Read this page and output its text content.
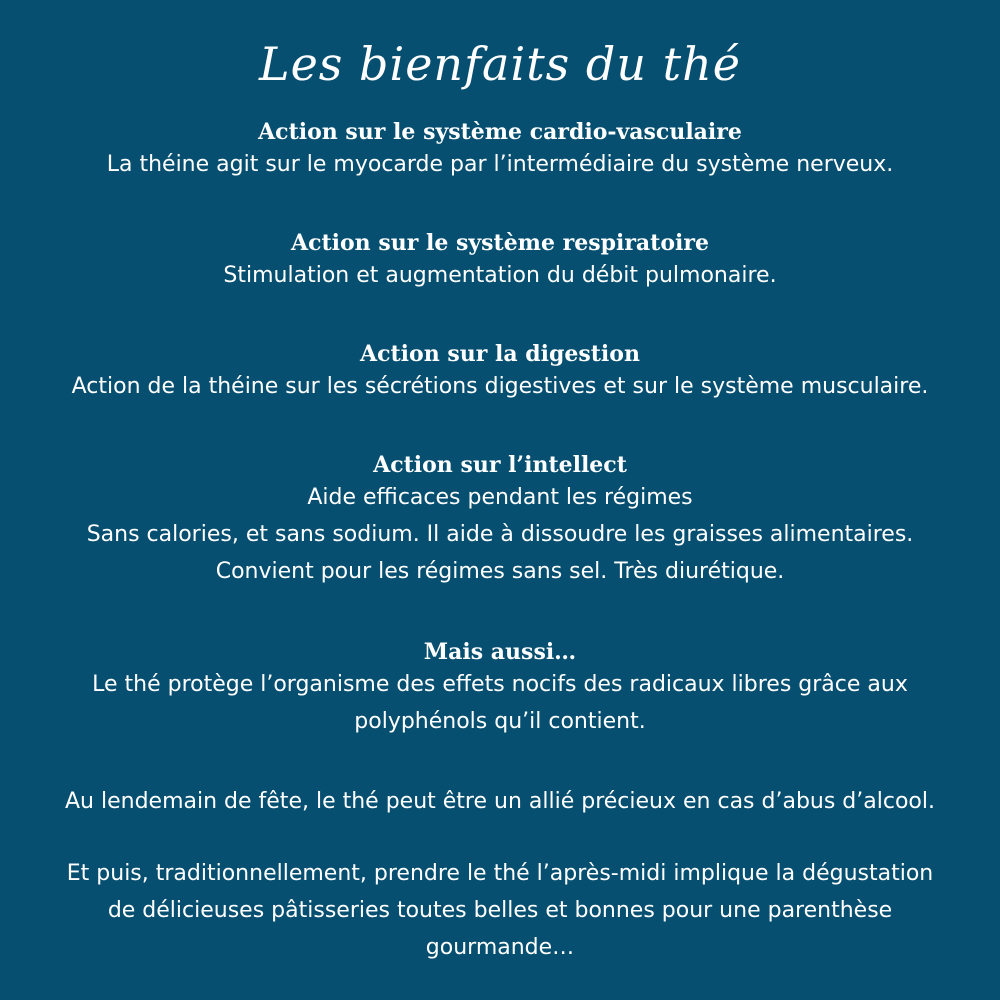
Les bienfaits du thé
Action sur le système cardio-vasculaire
La théine agit sur le myocarde par l’intermédiaire du système nerveux.
Action sur le système respiratoire
Stimulation et augmentation du débit pulmonaire.
Action sur la digestion
Action de la théine sur les sécrétions digestives et sur le système musculaire.
Action sur l’intellect
Aide efficaces pendant les régimes
Sans calories, et sans sodium. Il aide à dissoudre les graisses alimentaires.
Convient pour les régimes sans sel. Très diurétique.
Mais aussi…
Le thé protège l’organisme des effets nocifs des radicaux libres grâce aux
polyphénols qu’il contient.
Au lendemain de fête, le thé peut être un allié précieux en cas d’abus d’alcool.
Et puis, traditionnellement, prendre le thé l’après-midi implique la dégustation
de délicieuses pâtisseries toutes belles et bonnes pour une parenthèse
gourmande…
